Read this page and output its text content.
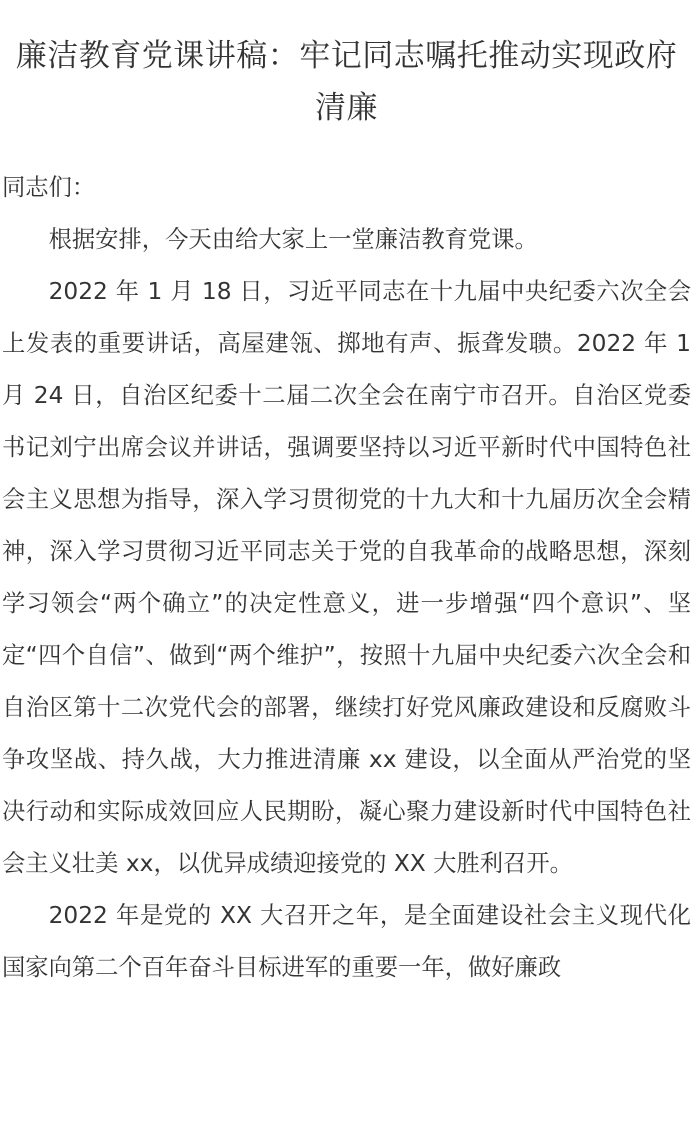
廉洁教育党课讲稿：牢记同志嘱托推动实现政府清廉

同志们：

根据安排，今天由给大家上一堂廉洁教育党课。

2022 年 1 月 18 日，习近平同志在十九届中央纪委六次全会上发表的重要讲话，高屋建瓴、掷地有声、振聋发聩。2022 年 1 月 24 日，自治区纪委十二届二次全会在南宁市召开。自治区党委书记刘宁出席会议并讲话，强调要坚持以习近平新时代中国特色社会主义思想为指导，深入学习贯彻党的十九大和十九届历次全会精神，深入学习贯彻习近平同志关于党的自我革命的战略思想，深刻学习领会“两个确立”的决定性意义，进一步增强“四个意识”、坚定“四个自信”、做到“两个维护”，按照十九届中央纪委六次全会和自治区第十二次党代会的部署，继续打好党风廉政建设和反腐败斗争攻坚战、持久战，大力推进清廉 xx 建设，以全面从严治党的坚决行动和实际成效回应人民期盼，凝心聚力建设新时代中国特色社会主义壮美 xx，以优异成绩迎接党的 XX 大胜利召开。

2022 年是党的 XX 大召开之年，是全面建设社会主义现代化国家向第二个百年奋斗目标进军的重要一年，做好廉政
